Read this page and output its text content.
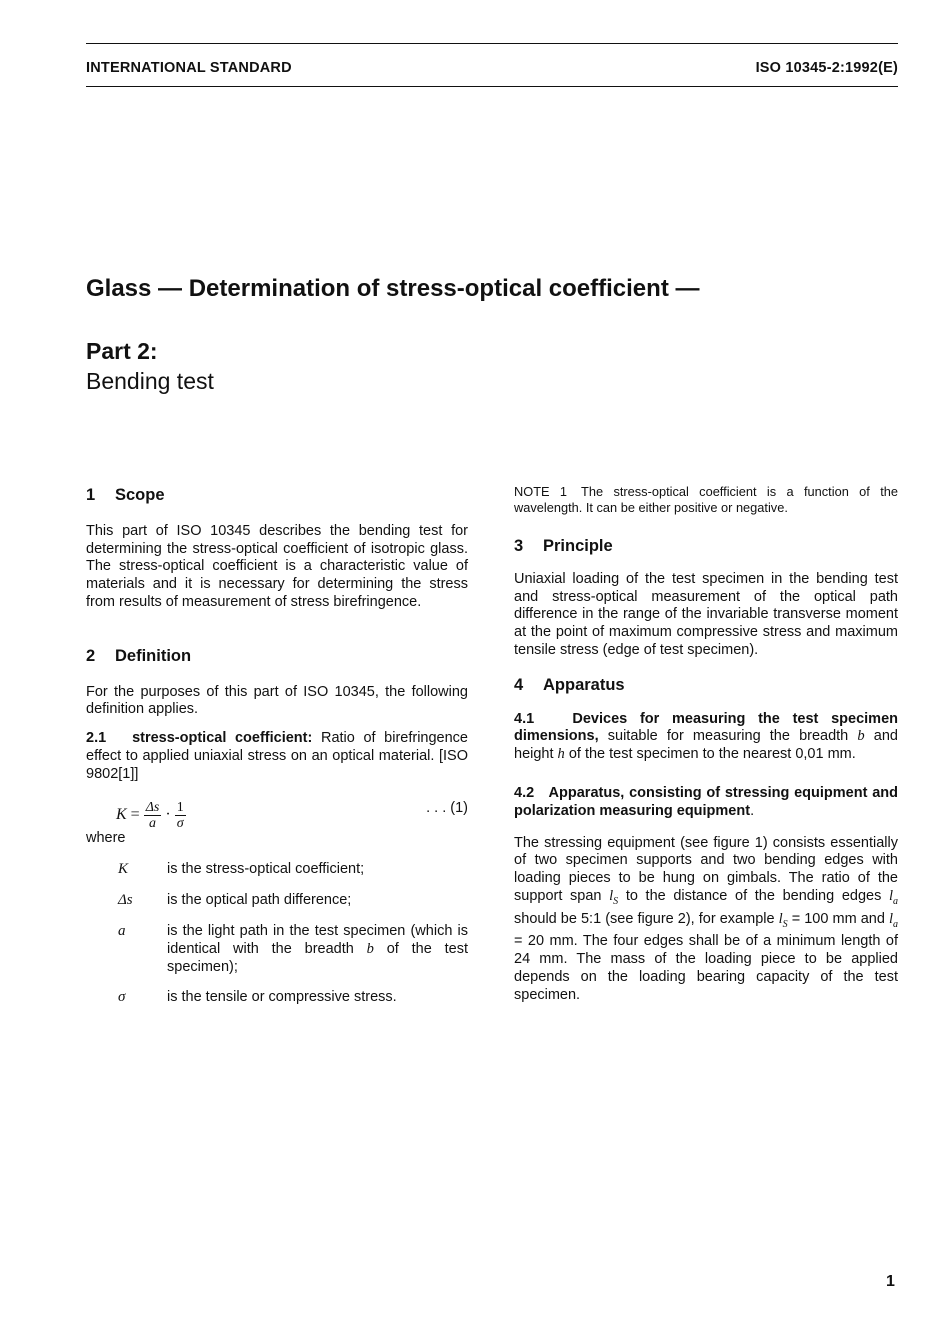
INTERNATIONAL STANDARD	ISO 10345-2:1992(E)
Glass — Determination of stress-optical coefficient —
Part 2:
Bending test
1 Scope

This part of ISO 10345 describes the bending test for determining the stress-optical coefficient of isotropic glass. The stress-optical coefficient is a characteristic value of materials and it is necessary for determining the stress from results of measurement of stress birefringence.

2 Definition

For the purposes of this part of ISO 10345, the following definition applies.

2.1 stress-optical coefficient: Ratio of birefringence effect to applied uniaxial stress on an optical material. [ISO 9802[1]]

$K = \frac{\Delta s}{a} \cdot \frac{1}{\sigma}$	. . . (1)

where

K	is the stress-optical coefficient;
Δs is the optical path difference;
a	is the light path in the test specimen (which is identical with the breadth b of the test specimen);
σ	is the tensile or compressive stress.
NOTE 1 The stress-optical coefficient is a function of the wavelength. It can be either positive or negative.
3 Principle

Uniaxial loading of the test specimen in the bending test and stress-optical measurement of the optical path difference in the range of the invariable transverse moment at the point of maximum compressive stress and maximum tensile stress (edge of test specimen).

4 Apparatus

4.1	Devices for measuring the test specimen dimensions, suitable for measuring the breadth b and height h of the test specimen to the nearest 0,01 mm.

4.2 Apparatus, consisting of stressing equipment and polarization measuring equipment.

The stressing equipment (see figure 1) consists essentially of two specimen supports and two bending edges with loading pieces to be hung on gimbals. The ratio of the support span $l_S$ to the distance of the bending edges $l_a$ should be 5:1 (see figure 2), for example $l_S = 100$ mm and $l_a = 20$ mm. The four edges shall be of a minimum length of 24 mm. The mass of the loading piece to be applied depends on the loading bearing capacity of the test specimen.

1
